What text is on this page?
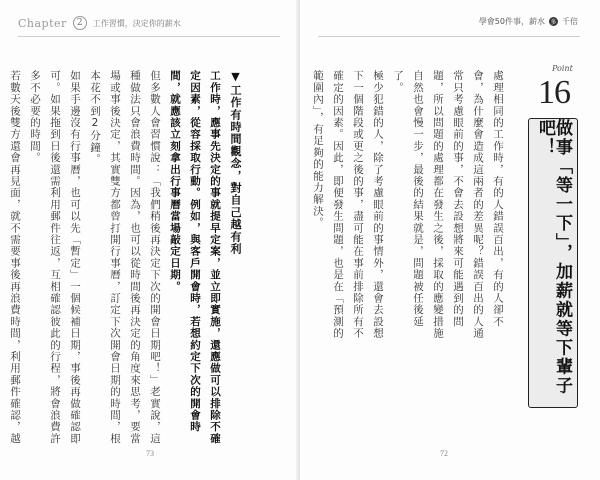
Chapter	2	工作習慣，決定你的薪水

▼工作有時間觀念，對自己越有利

工作時，應事先決定的事就提早定案，並立即實施，還應做可以排除不確定因素，從容採取行動。例如，與客戶開會時，若想約定下次的開會時間，就應該立刻拿出行事曆當場敲定日期。

但多數人會習慣說：「我們稍後再決定下次的開會日期吧！」老實說，這種做法只會浪費時間。因為，也可以從時間後再決定的角度來思考，要當場或事後決定，其實雙方都曾打開行事曆，訂定下次開會日期的時間，根本花不到2分鐘。

如果手邊沒有行事曆，也可以先「暫定」一個候補日期，事後再做確認即可。如果拖到日後還需利用郵件往返，互相確認彼此的行程，將會浪費許多不必要的時間。

若數天後雙方還會再見面，就不需要事後再浪費時間，利用郵件確認，越

73
學會50件事，薪水 多 千倍

處理相同的工作時，有的人錯誤百出，有的人卻不會，為什麼會造成這兩者的差異呢？錯誤百出的人通常只考慮眼前的事，不會去設想將來可能遇到的問題，所以問題的處理都在發生之後，採取的應變措施自然也會慢一步，最後的結果就是，問題被任後延了。

極少犯錯的人，除了考慮眼前的事情外，還會去設想下一個階段或更之後的事，盡可能在事前排除所有不確定的因素。因此，即便發生問題，也是在「預測的範圍內」，有足夠的能力解決。

Point
16
做事「等一下」，加薪就等下輩子吧！
72
